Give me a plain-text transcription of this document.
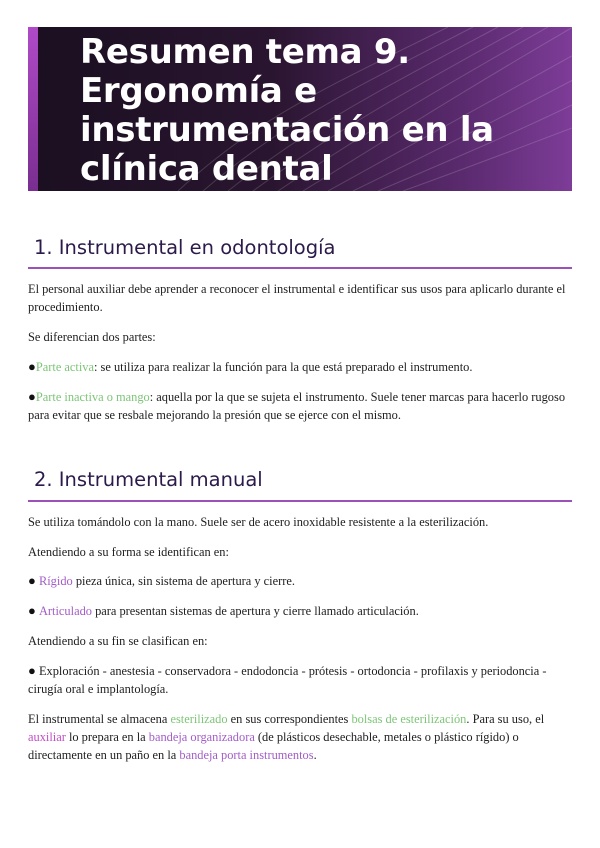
Resumen tema 9. Ergonomía e instrumentación en la clínica dental
1. Instrumental en odontología

El personal auxiliar debe aprender a reconocer el instrumental e identificar sus usos para aplicarlo durante el procedimiento.

Se diferencian dos partes:

●Parte activa: se utiliza para realizar la función para la que está preparado el instrumento.

●Parte inactiva o mango: aquella por la que se sujeta el instrumento. Suele tener marcas para hacerlo rugoso para evitar que se resbale mejorando la presión que se ejerce con el mismo.

2. Instrumental manual

Se utiliza tomándolo con la mano. Suele ser de acero inoxidable resistente a la esterilización.

Atendiendo a su forma se identifican en:

● Rígido pieza única, sin sistema de apertura y cierre.

● Articulado para presentan sistemas de apertura y cierre llamado articulación.

Atendiendo a su fin se clasifican en:

● Exploración - anestesia - conservadora - endodoncia - prótesis - ortodoncia - profilaxis y periodoncia - cirugía oral e implantología.

El instrumental se almacena esterilizado en sus correspondientes bolsas de esterilización. Para su uso, el auxiliar lo prepara en la bandeja organizadora (de plásticos desechable, metales o plástico rígido) o directamente en un paño en la bandeja porta instrumentos.
